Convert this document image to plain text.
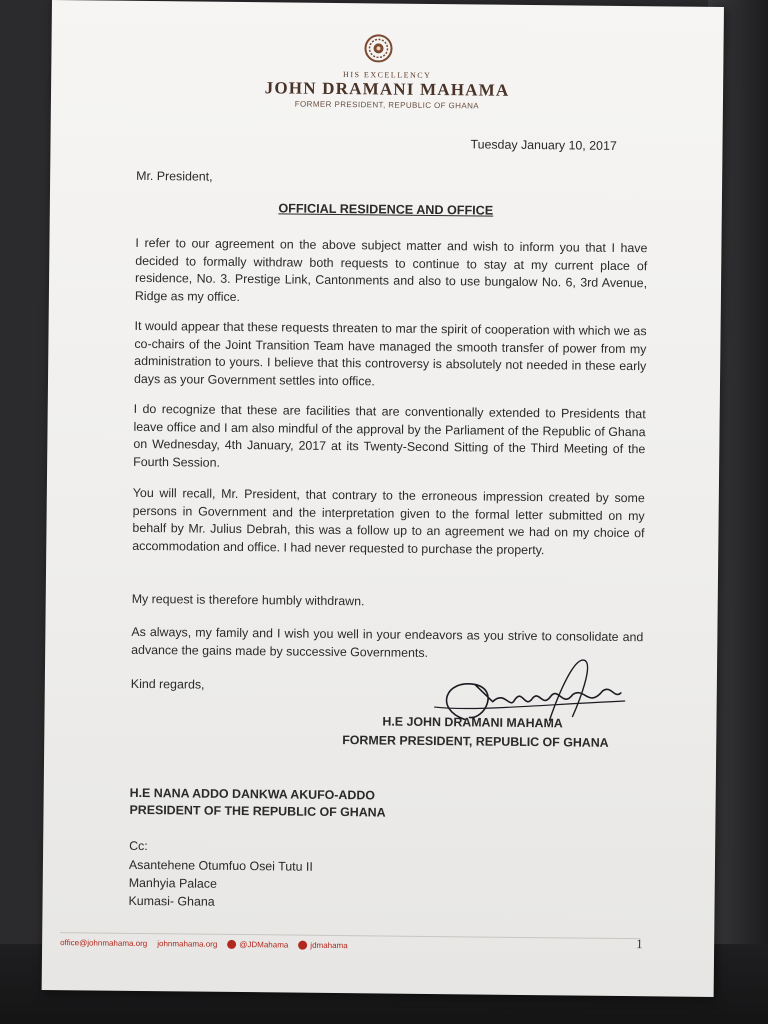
HIS EXCELLENCY

JOHN DRAMANI MAHAMA

FORMER PRESIDENT, REPUBLIC OF GHANA

Tuesday January 10, 2017

Mr. President,

OFFICIAL RESIDENCE AND OFFICE

I refer to our agreement on the above subject matter and wish to inform you that I have decided to formally withdraw both requests to continue to stay at my current place of residence, No. 3. Prestige Link, Cantonments and also to use bungalow No. 6, 3rd Avenue, Ridge as my office.

It would appear that these requests threaten to mar the spirit of cooperation with which we as co-chairs of the Joint Transition Team have managed the smooth transfer of power from my administration to yours. I believe that this controversy is absolutely not needed in these early days as your Government settles into office.

I do recognize that these are facilities that are conventionally extended to Presidents that leave office and I am also mindful of the approval by the Parliament of the Republic of Ghana on Wednesday, 4th January, 2017 at its Twenty-Second Sitting of the Third Meeting of the Fourth Session.

You will recall, Mr. President, that contrary to the erroneous impression created by some persons in Government and the interpretation given to the formal letter submitted on my behalf by Mr. Julius Debrah, this was a follow up to an agreement we had on my choice of accommodation and office. I had never requested to purchase the property.

My request is therefore humbly withdrawn.

As always, my family and I wish you well in your endeavors as you strive to consolidate and advance the gains made by successive Governments.

Kind regards,

H.E JOHN DRAMANI MAHAMA

FORMER PRESIDENT, REPUBLIC OF GHANA

H.E NANA ADDO DANKWA AKUFO-ADDO

PRESIDENT OF THE REPUBLIC OF GHANA

Cc:

Asantehene Otumfuo Osei Tutu II

Manhyia Palace

Kumasi- Ghana

office@johnmahama.org johnmahama.org	@JDMahama	jdmahama	1
